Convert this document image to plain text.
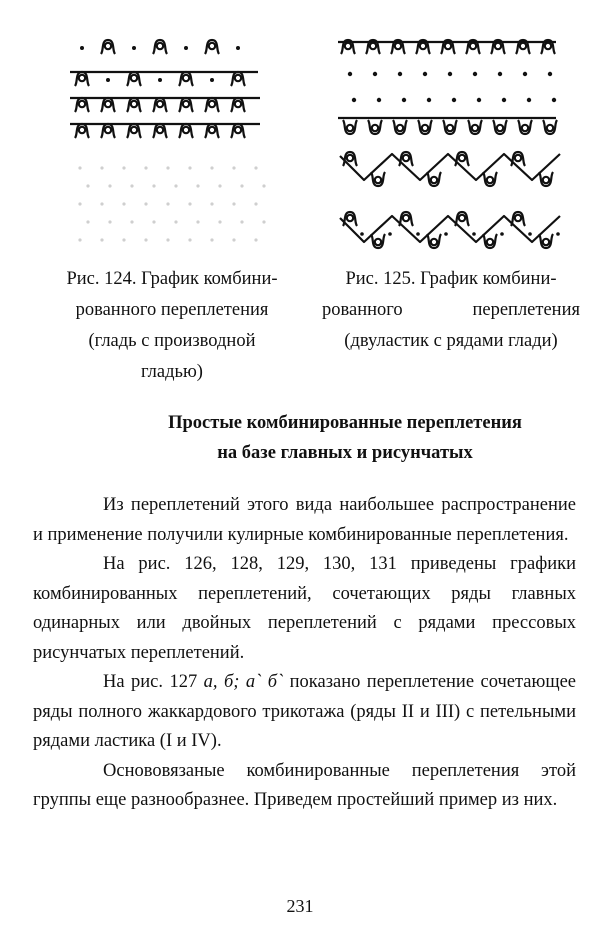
Рис. 124. График комбини-
рованного переплетения
(гладь с производной
гладью)
Рис. 125. График комбини-
рованного переплетения
(двуластик с рядами глади)
Простые комбинированные переплетения
на базе главных и рисунчатых

Из переплетений этого вида наибольшее распространение и применение получили кулирные комбинированные переплетения.

На рис. 126, 128, 129, 130, 131 приведены графики комбинированных переплетений, сочетающих ряды главных одинарных или двойных переплетений с рядами прессовых рисунчатых переплетений.

На рис. 127 а, б; а` б` показано переплетение сочетающее ряды полного жаккардового трикотажа (ряды II и III) с петельными рядами ластика (I и IV).

Основовязаные комбинированные переплетения этой группы еще разнообразнее. Приведем простейший пример из них.

231
